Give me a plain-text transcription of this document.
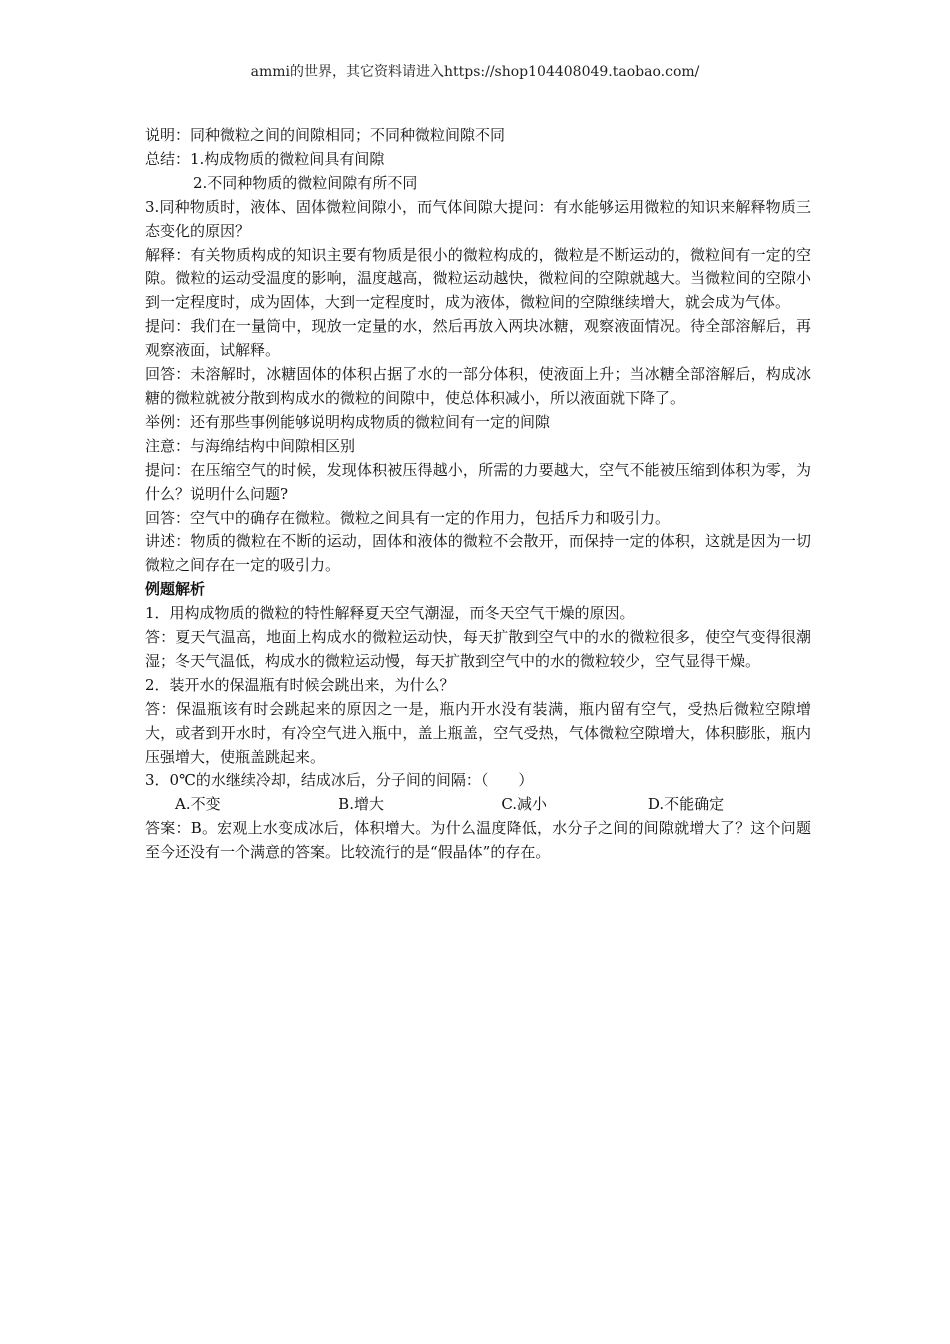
ammi的世界，其它资料请进入https://shop104408049.taobao.com/

说明：同种微粒之间的间隙相同；不同种微粒间隙不同

总结：1.构成物质的微粒间具有间隙

2.不同种物质的微粒间隙有所不同

3.同种物质时，液体、固体微粒间隙小，而气体间隙大提问：有水能够运用微粒的知识来解释物质三态变化的原因？

解释：有关物质构成的知识主要有物质是很小的微粒构成的，微粒是不断运动的，微粒间有一定的空隙。微粒的运动受温度的影响，温度越高，微粒运动越快，微粒间的空隙就越大。当微粒间的空隙小到一定程度时，成为固体，大到一定程度时，成为液体，微粒间的空隙继续增大，就会成为气体。

提问：我们在一量筒中，现放一定量的水，然后再放入两块冰糖，观察液面情况。待全部溶解后，再观察液面，试解释。

回答：未溶解时，冰糖固体的体积占据了水的一部分体积，使液面上升；当冰糖全部溶解后，构成冰糖的微粒就被分散到构成水的微粒的间隙中，使总体积减小，所以液面就下降了。

举例：还有那些事例能够说明构成物质的微粒间有一定的间隙

注意：与海绵结构中间隙相区别

提问：在压缩空气的时候，发现体积被压得越小，所需的力要越大，空气不能被压缩到体积为零，为什么？说明什么问题?

回答：空气中的确存在微粒。微粒之间具有一定的作用力，包括斥力和吸引力。

讲述：物质的微粒在不断的运动，固体和液体的微粒不会散开，而保持一定的体积，这就是因为一切微粒之间存在一定的吸引力。

例题解析

1．用构成物质的微粒的特性解释夏天空气潮湿，而冬天空气干燥的原因。

答：夏天气温高，地面上构成水的微粒运动快，每天扩散到空气中的水的微粒很多，使空气变得很潮湿；冬天气温低，构成水的微粒运动慢，每天扩散到空气中的水的微粒较少，空气显得干燥。

2．装开水的保温瓶有时候会跳出来，为什么？

答：保温瓶该有时会跳起来的原因之一是，瓶内开水没有装满，瓶内留有空气，受热后微粒空隙增大，或者到开水时，有冷空气进入瓶中，盖上瓶盖，空气受热，气体微粒空隙增大，体积膨胀，瓶内压强增大，使瓶盖跳起来。

3．0℃的水继续冷却，结成冰后，分子间的间隔：（　　）

A.不变	B.增大	C.减小	D.不能确定

答案：B。宏观上水变成冰后，体积增大。为什么温度降低，水分子之间的间隙就增大了？这个问题至今还没有一个满意的答案。比较流行的是“假晶体”的存在。
